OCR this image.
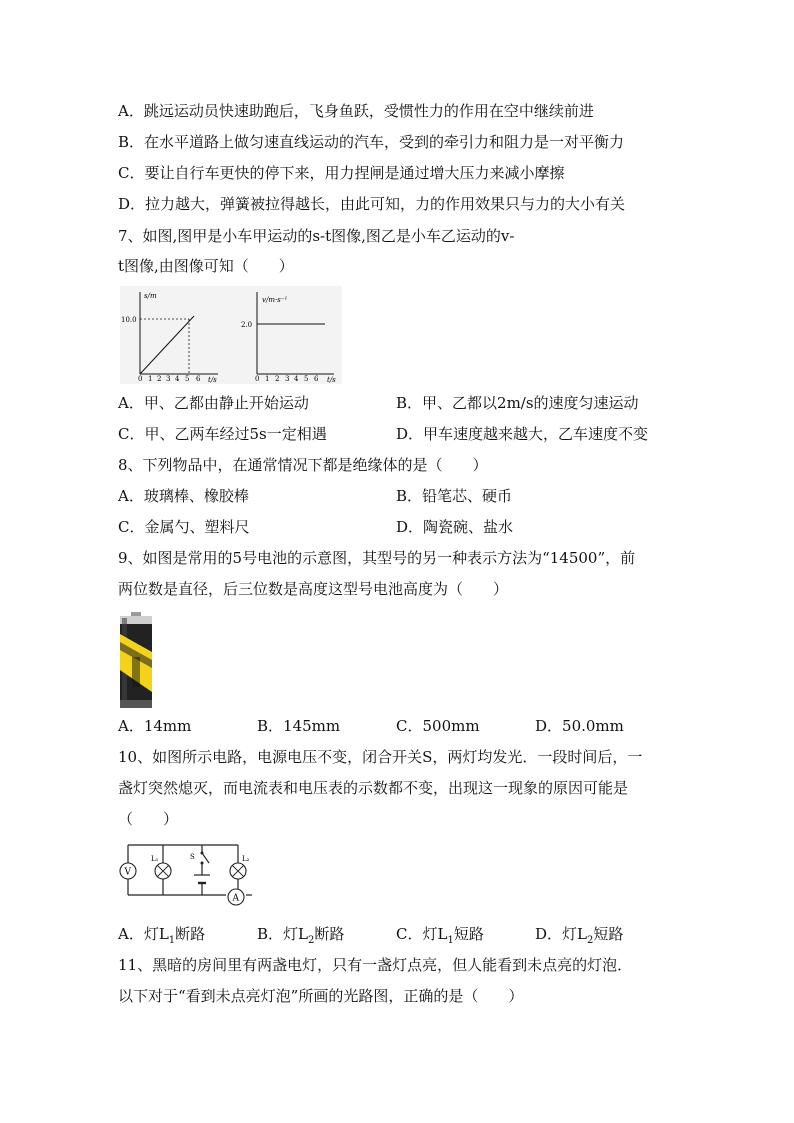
A．跳远运动员快速助跑后，飞身鱼跃，受惯性力的作用在空中继续前进
B．在水平道路上做匀速直线运动的汽车，受到的牵引力和阻力是一对平衡力
C．要让自行车更快的停下来，用力捏闸是通过增大压力来减小摩擦
D．拉力越大，弹簧被拉得越长，由此可知，力的作用效果只与力的大小有关
7、如图,图甲是小车甲运动的s-t图像,图乙是小车乙运动的v-
t图像,由图像可知（　　）
s/m
10.0
t/s
0 1 2 3 4 5 6
v/m·s⁻¹
2.0
t/s
0 1 2 3 4 5 6
A．甲、乙都由静止开始运动	B．甲、乙都以2m/s的速度匀速运动
C．甲、乙两车经过5s一定相遇	D．甲车速度越来越大，乙车速度不变
8、下列物品中，在通常情况下都是绝缘体的是（　　）
A．玻璃棒、橡胶棒	B．铅笔芯、硬币
C．金属勺、塑料尺	D．陶瓷碗、盐水
9、如图是常用的5号电池的示意图，其型号的另一种表示方法为“14500”，前
两位数是直径，后三位数是高度这型号电池高度为（　　）
A．14mm	B．145mm	C．500mm	D．50.0mm
10、如图所示电路，电源电压不变，闭合开关S，两灯均发光．一段时间后，一
盏灯突然熄灭，而电流表和电压表的示数都不变，出现这一现象的原因可能是
（　　）
V
L₁	S	L₂
A
A．灯$L_1$断路	B．灯$L_2$断路	C．灯$L_1$短路	D．灯$L_2$短路
11、黑暗的房间里有两盏电灯，只有一盏灯点亮，但人能看到未点亮的灯泡．
以下对于“看到未点亮灯泡”所画的光路图，正确的是（　　）
